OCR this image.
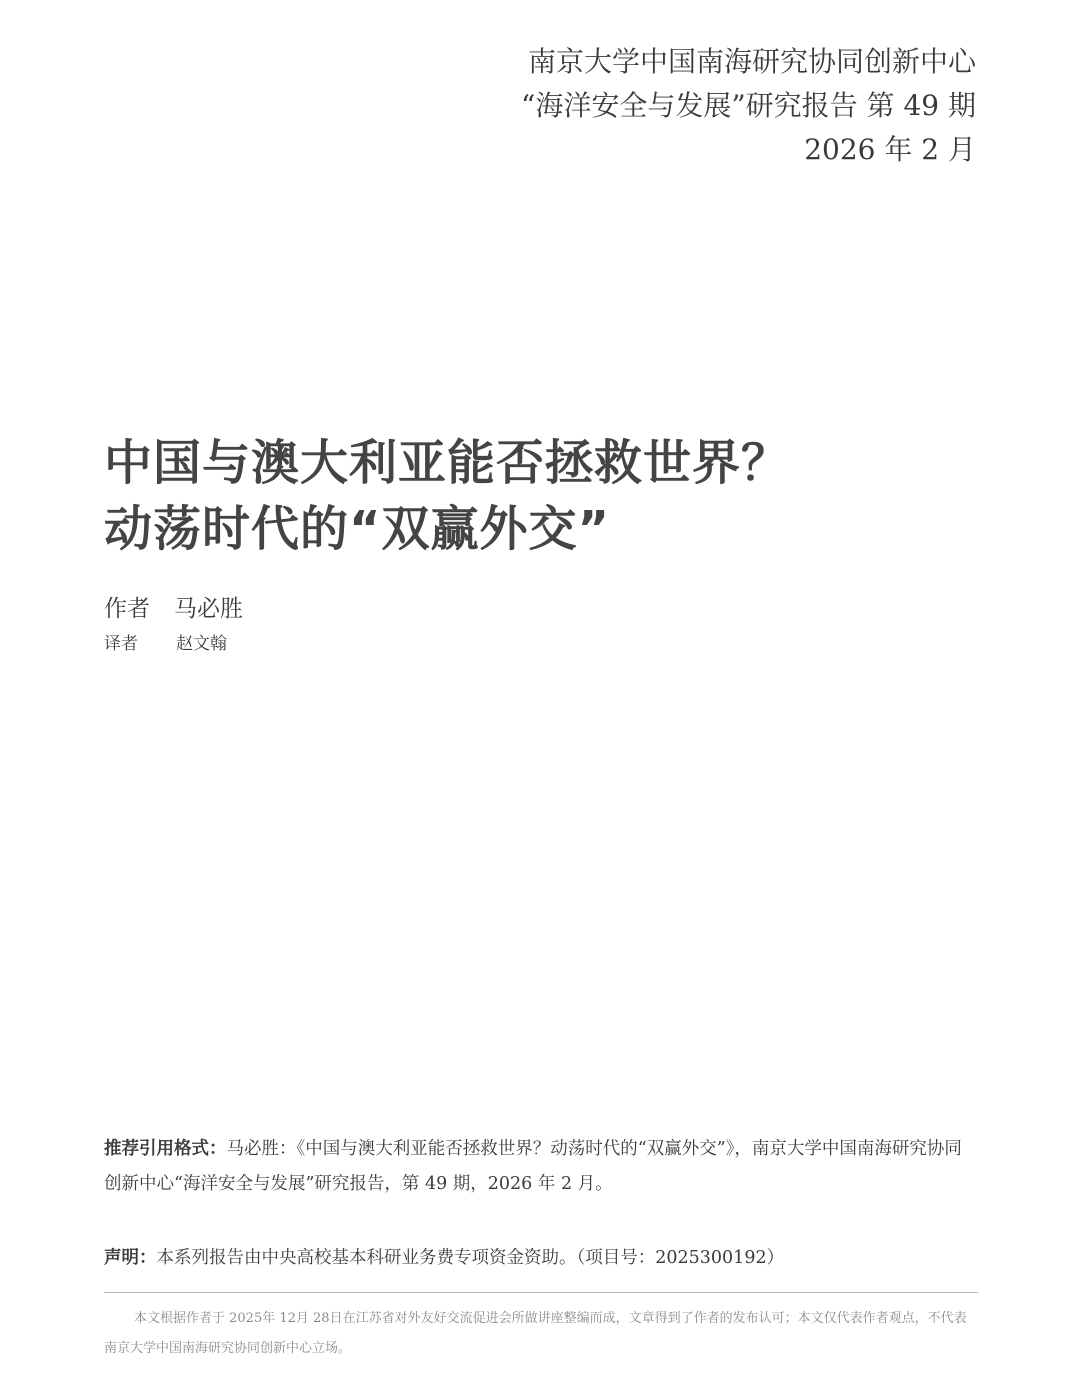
南京大学中国南海研究协同创新中心
“海洋安全与发展”研究报告 第 49 期
2026 年 2 月
中国与澳大利亚能否拯救世界？
动荡时代的“双赢外交”
作者 马必胜
译者 赵文翰
推荐引用格式：马必胜：《中国与澳大利亚能否拯救世界？动荡时代的“双赢外交”》，南京大学中国南海研究协同创新中心“海洋安全与发展”研究报告，第 49 期，2026 年 2 月。
声明：本系列报告由中央高校基本科研业务费专项资金资助。（项目号：2025300192）
本文根据作者于 2025年 12月 28日在江苏省对外友好交流促进会所做讲座整编而成，文章得到了作者的发布认可；本文仅代表作者观点，不代表南京大学中国南海研究协同创新中心立场。
